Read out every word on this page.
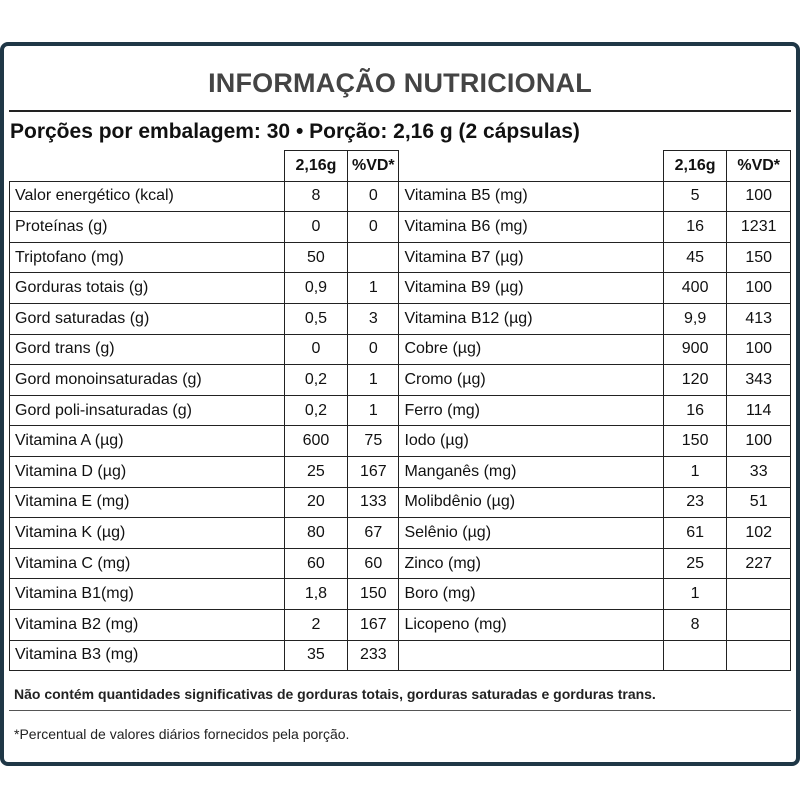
INFORMAÇÃO NUTRICIONAL
Porções por embalagem: 30 • Porção: 2,16 g (2 cápsulas)
	2,16g	%VD*		2,16g	%VD*
Valor energético (kcal)	8	0	Vitamina B5 (mg)	5	100
Proteínas (g)	0	0	Vitamina B6 (mg)	16	1231
Triptofano (mg)	50		Vitamina B7 (µg)	45	150
Gorduras totais (g)	0,9	1	Vitamina B9 (µg)	400	100
Gord saturadas (g)	0,5	3	Vitamina B12 (µg)	9,9	413
Gord trans (g)	0	0	Cobre (µg)	900	100
Gord monoinsaturadas (g)	0,2	1	Cromo (µg)	120	343
Gord poli-insaturadas (g)	0,2	1	Ferro (mg)	16	114
Vitamina A (µg)	600	75	Iodo (µg)	150	100
Vitamina D (µg)	25	167	Manganês (mg)	1	33
Vitamina E (mg)	20	133	Molibdênio (µg)	23	51
Vitamina K (µg)	80	67	Selênio (µg)	61	102
Vitamina C (mg)	60	60	Zinco (mg)	25	227
Vitamina B1(mg)	1,8	150	Boro (mg)	1	
Vitamina B2 (mg)	2	167	Licopeno (mg)	8	
Vitamina B3 (mg)	35	233			
Não contém quantidades significativas de gorduras totais, gorduras saturadas e gorduras trans.
*Percentual de valores diários fornecidos pela porção.
